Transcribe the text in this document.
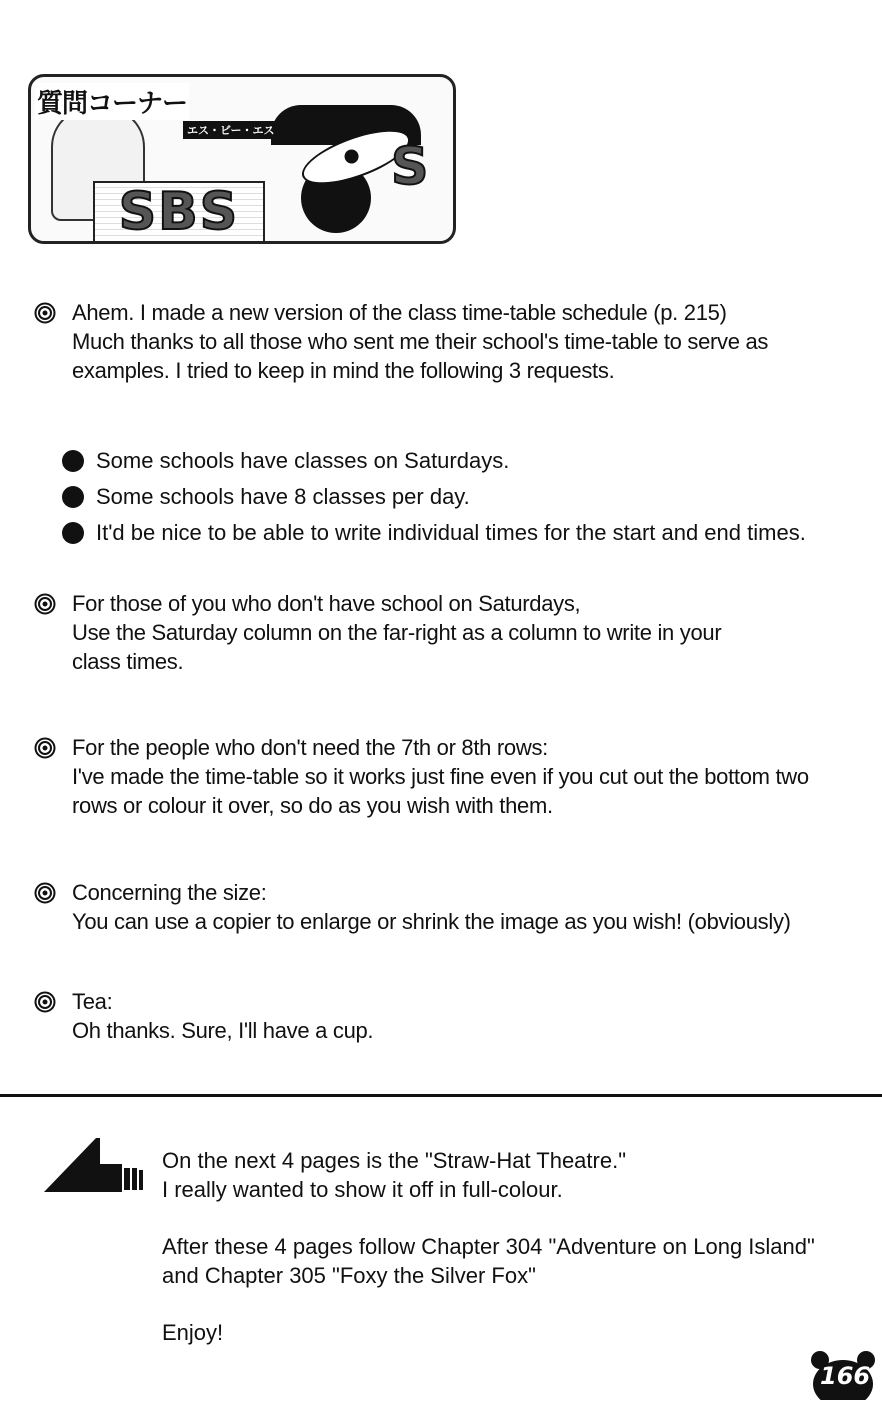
質問コーナー
エス・ビー・エス
SBS
S
Ahem. I made a new version of the class time-table schedule (p. 215)
Much thanks to all those who sent me their school's time-table to serve as
examples. I tried to keep in mind the following 3 requests.
Some schools have classes on Saturdays.
Some schools have 8 classes per day.
It'd be nice to be able to write individual times for the start and end times.
For those of you who don't have school on Saturdays,
Use the Saturday column on the far-right as a column to write in your
class times.
For the people who don't need the 7th or 8th rows:
I've made the time-table so it works just fine even if you cut out the bottom two
rows or colour it over, so do as you wish with them.
Concerning the size:
You can use a copier to enlarge or shrink the image as you wish! (obviously)
Tea:
Oh thanks. Sure, I'll have a cup.
On the next 4 pages is the "Straw-Hat Theatre."
I really wanted to show it off in full-colour.
After these 4 pages follow Chapter 304 "Adventure on Long Island"
and Chapter 305 "Foxy the Silver Fox"
Enjoy!
166
